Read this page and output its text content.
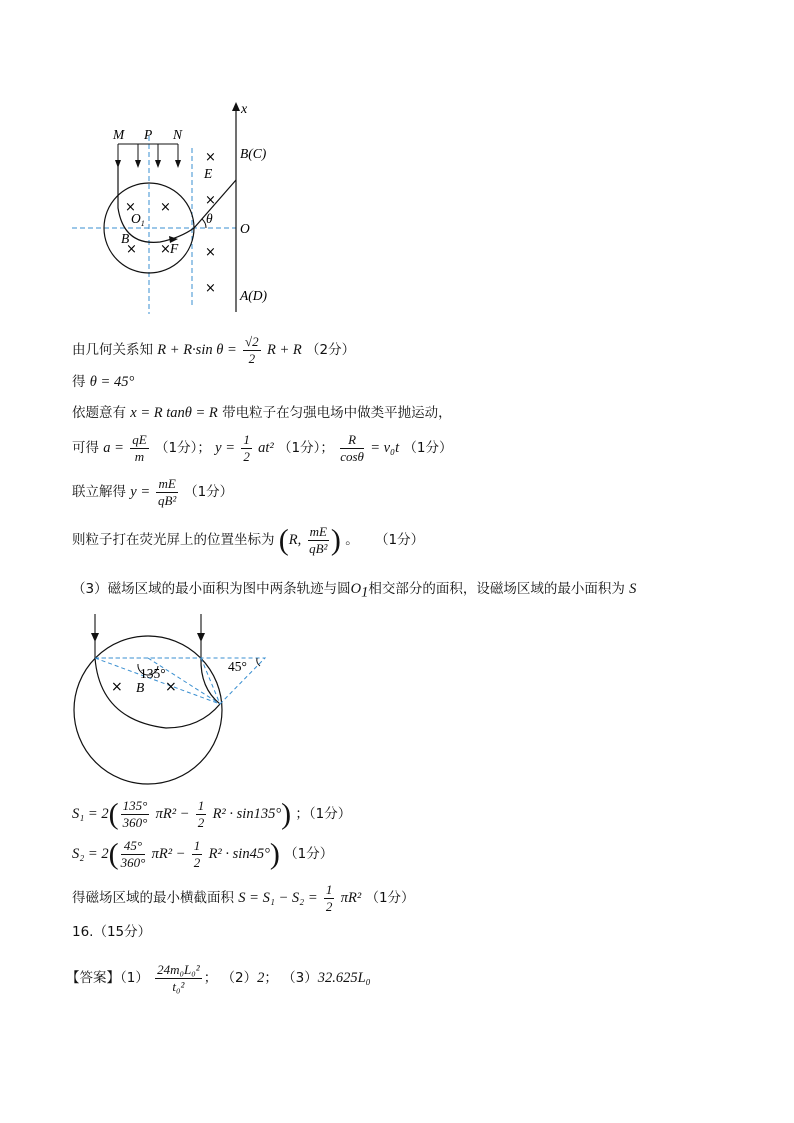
x
B(C)
E
θ
O
A(D)
M P N
$O_1$
B
F
× ×
× ×
×
×
×
×
由几何关系知 R + R·sin $\theta = \frac{√2}{2}$ R + R （2分）
得 θ = 45°
依题意有 x = R tanθ = R 带电粒子在匀强电场中做类平抛运动，
可得 $a = \frac{qE}{m} (1$分）； $y = \frac{1}{2} at^2$ （1分）； $\frac{R}{\cos\theta} = v_0t$ （1分）
联立解得 $y = \frac{mE}{\text{qB²}} (1$分）
则粒子打在荧光屏上的位置坐标为 (R, $\frac{mE}{\text{qB²}}$ ) 。 （1分）
（3）磁场区域的最小面积为图中两条轨迹与圆$O_1$相交部分的面积，设磁场区域的最小面积为 S
135°	45°
B
×	×
$S_1 = 2( \frac{135^\circ}{360^\circ} \pi R^2 - \frac{1}{2} R^2 \cdot \sin 135^\circ)$ ；（1分）
$S_2 = 2( \frac{45^\circ}{360^\circ} \pi R^2 - \frac{1}{2} R^2 \cdot \sin 45^\circ)$ （1分）
得磁场区域的最小横截面积 $S = S_1 - S_2 = \frac{1}{2} \pi R^2$ （1分）
16.（15分）
【答案】$(1) \frac{\text{24m₀L₀²}}{\text{t₀²}}$ ； （2）2； （3）32.625L₀
